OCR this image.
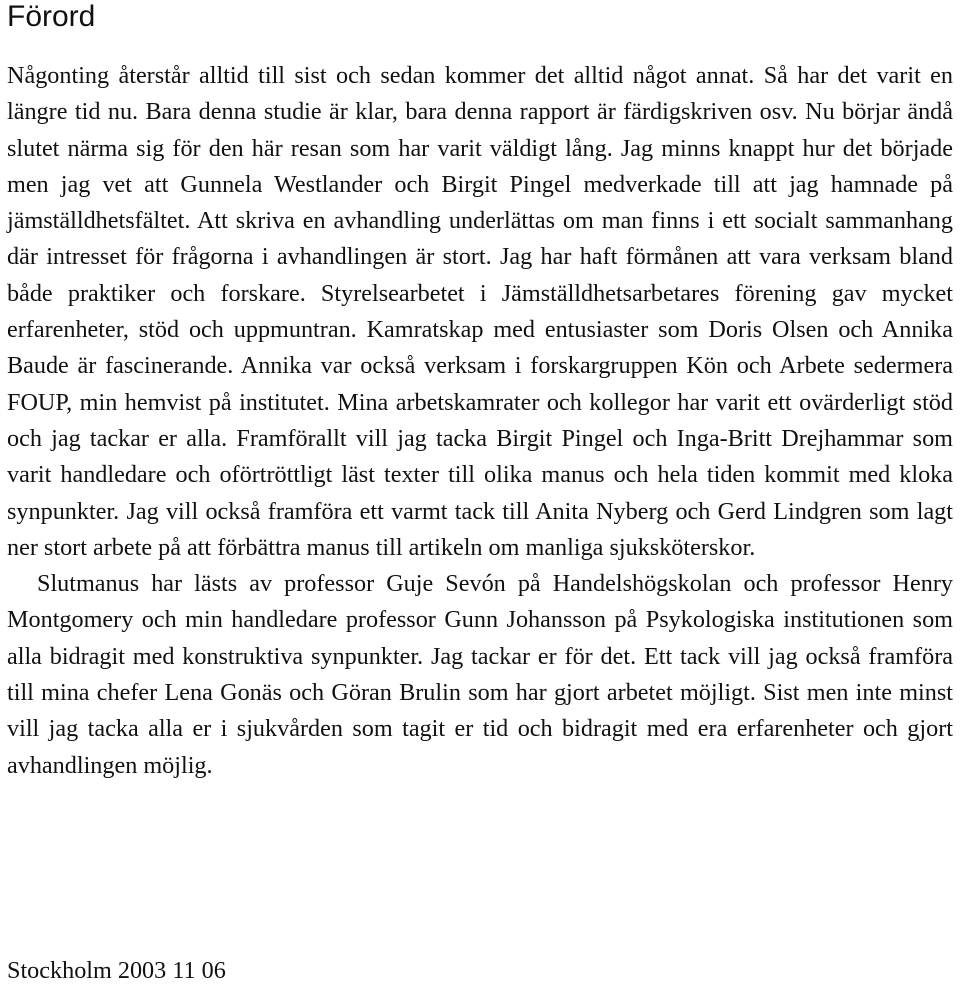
Förord

Någonting återstår alltid till sist och sedan kommer det alltid något annat. Så har det varit en längre tid nu. Bara denna studie är klar, bara denna rapport är färdigskriven osv. Nu börjar ändå slutet närma sig för den här resan som har varit väldigt lång. Jag minns knappt hur det började men jag vet att Gunnela Westlander och Birgit Pingel medverkade till att jag hamnade på jämställdhetsfältet. Att skriva en avhandling underlättas om man finns i ett socialt sammanhang där intresset för frågorna i avhandlingen är stort. Jag har haft förmånen att vara verksam bland både praktiker och forskare. Styrelsearbetet i Jämställdhetsarbetares förening gav mycket erfarenheter, stöd och uppmuntran. Kamratskap med entusiaster som Doris Olsen och Annika Baude är fascinerande. Annika var också verksam i forskargruppen Kön och Arbete sedermera FOUP, min hemvist på institutet. Mina arbetskamrater och kollegor har varit ett ovärderligt stöd och jag tackar er alla. Framförallt vill jag tacka Birgit Pingel och Inga-Britt Drejhammar som varit handledare och oförtröttligt läst texter till olika manus och hela tiden kommit med kloka synpunkter. Jag vill också framföra ett varmt tack till Anita Nyberg och Gerd Lindgren som lagt ner stort arbete på att förbättra manus till artikeln om manliga sjuksköterskor.

Slutmanus har lästs av professor Guje Sevón på Handelshögskolan och professor Henry Montgomery och min handledare professor Gunn Johansson på Psykologiska institutionen som alla bidragit med konstruktiva synpunkter. Jag tackar er för det. Ett tack vill jag också framföra till mina chefer Lena Gonäs och Göran Brulin som har gjort arbetet möjligt. Sist men inte minst vill jag tacka alla er i sjukvården som tagit er tid och bidragit med era erfarenheter och gjort avhandlingen möjlig.

Stockholm 2003 11 06
